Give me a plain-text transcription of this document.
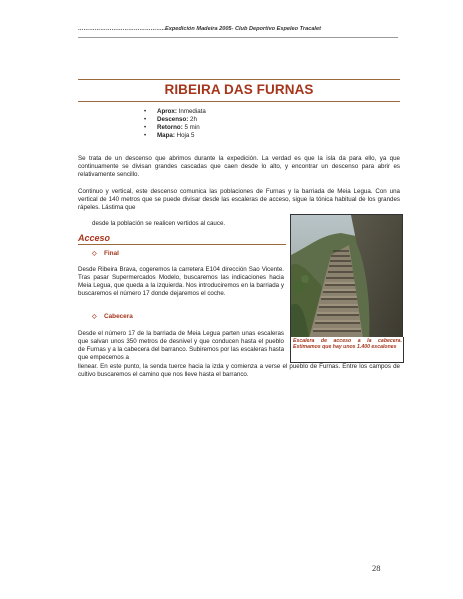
………………………………………..Expedición Madeira 2005- Club Deportivo Espeleo Tracalet
RIBEIRA DAS FURNAS
• Aprox: Inmediata
• Descenso: 2h
• Retorno: 5 min
• Mapa: Hoja 5

Se trata de un descenso que abrimos durante la expedición. La verdad es que la isla da para ello, ya que continuamente se divisan grandes cascadas que caen desde lo alto, y encontrar un descenso para abrir es relativamente sencillo.

Continuo y vertical, este descenso comunica las poblaciones de Furnas y la barriada de Meia Legua. Con una vertical de 140 metros que se puede divisar desde las escaleras de acceso, sigue la tónica habitual de los grandes rápeles. Lástima que

desde la población se realicen vertidos al cauce.

Acceso
◇ Final

Desde Ribeira Brava, cogeremos la carretera E104 dirección Sao Vicente. Tras pasar Supermercados Modelo, buscaremos las indicaciones hacia Meia Legua, que queda a la izquierda. Nos introduciremos en la barriada y buscaremos el número 17 donde dejaremos el coche.

◇ Cabecera

Desde el número 17 de la barriada de Meia Legua parten unas escaleras que salvan unos 350 metros de desnivel y que conducen hasta el pueblo de Furnas y a la cabecera del barranco. Subiremos por las escaleras hasta que empecemos a

llenear. En este punto, la senda tuerce hacia la izda y comienza a verse el pueblo de Furnas. Entre los campos de cultivo buscaremos el camino que nos lleve hasta el barranco.

Escalera de acceso a la cabecera. Estimamos que hay unos 1.400 escalones
28
